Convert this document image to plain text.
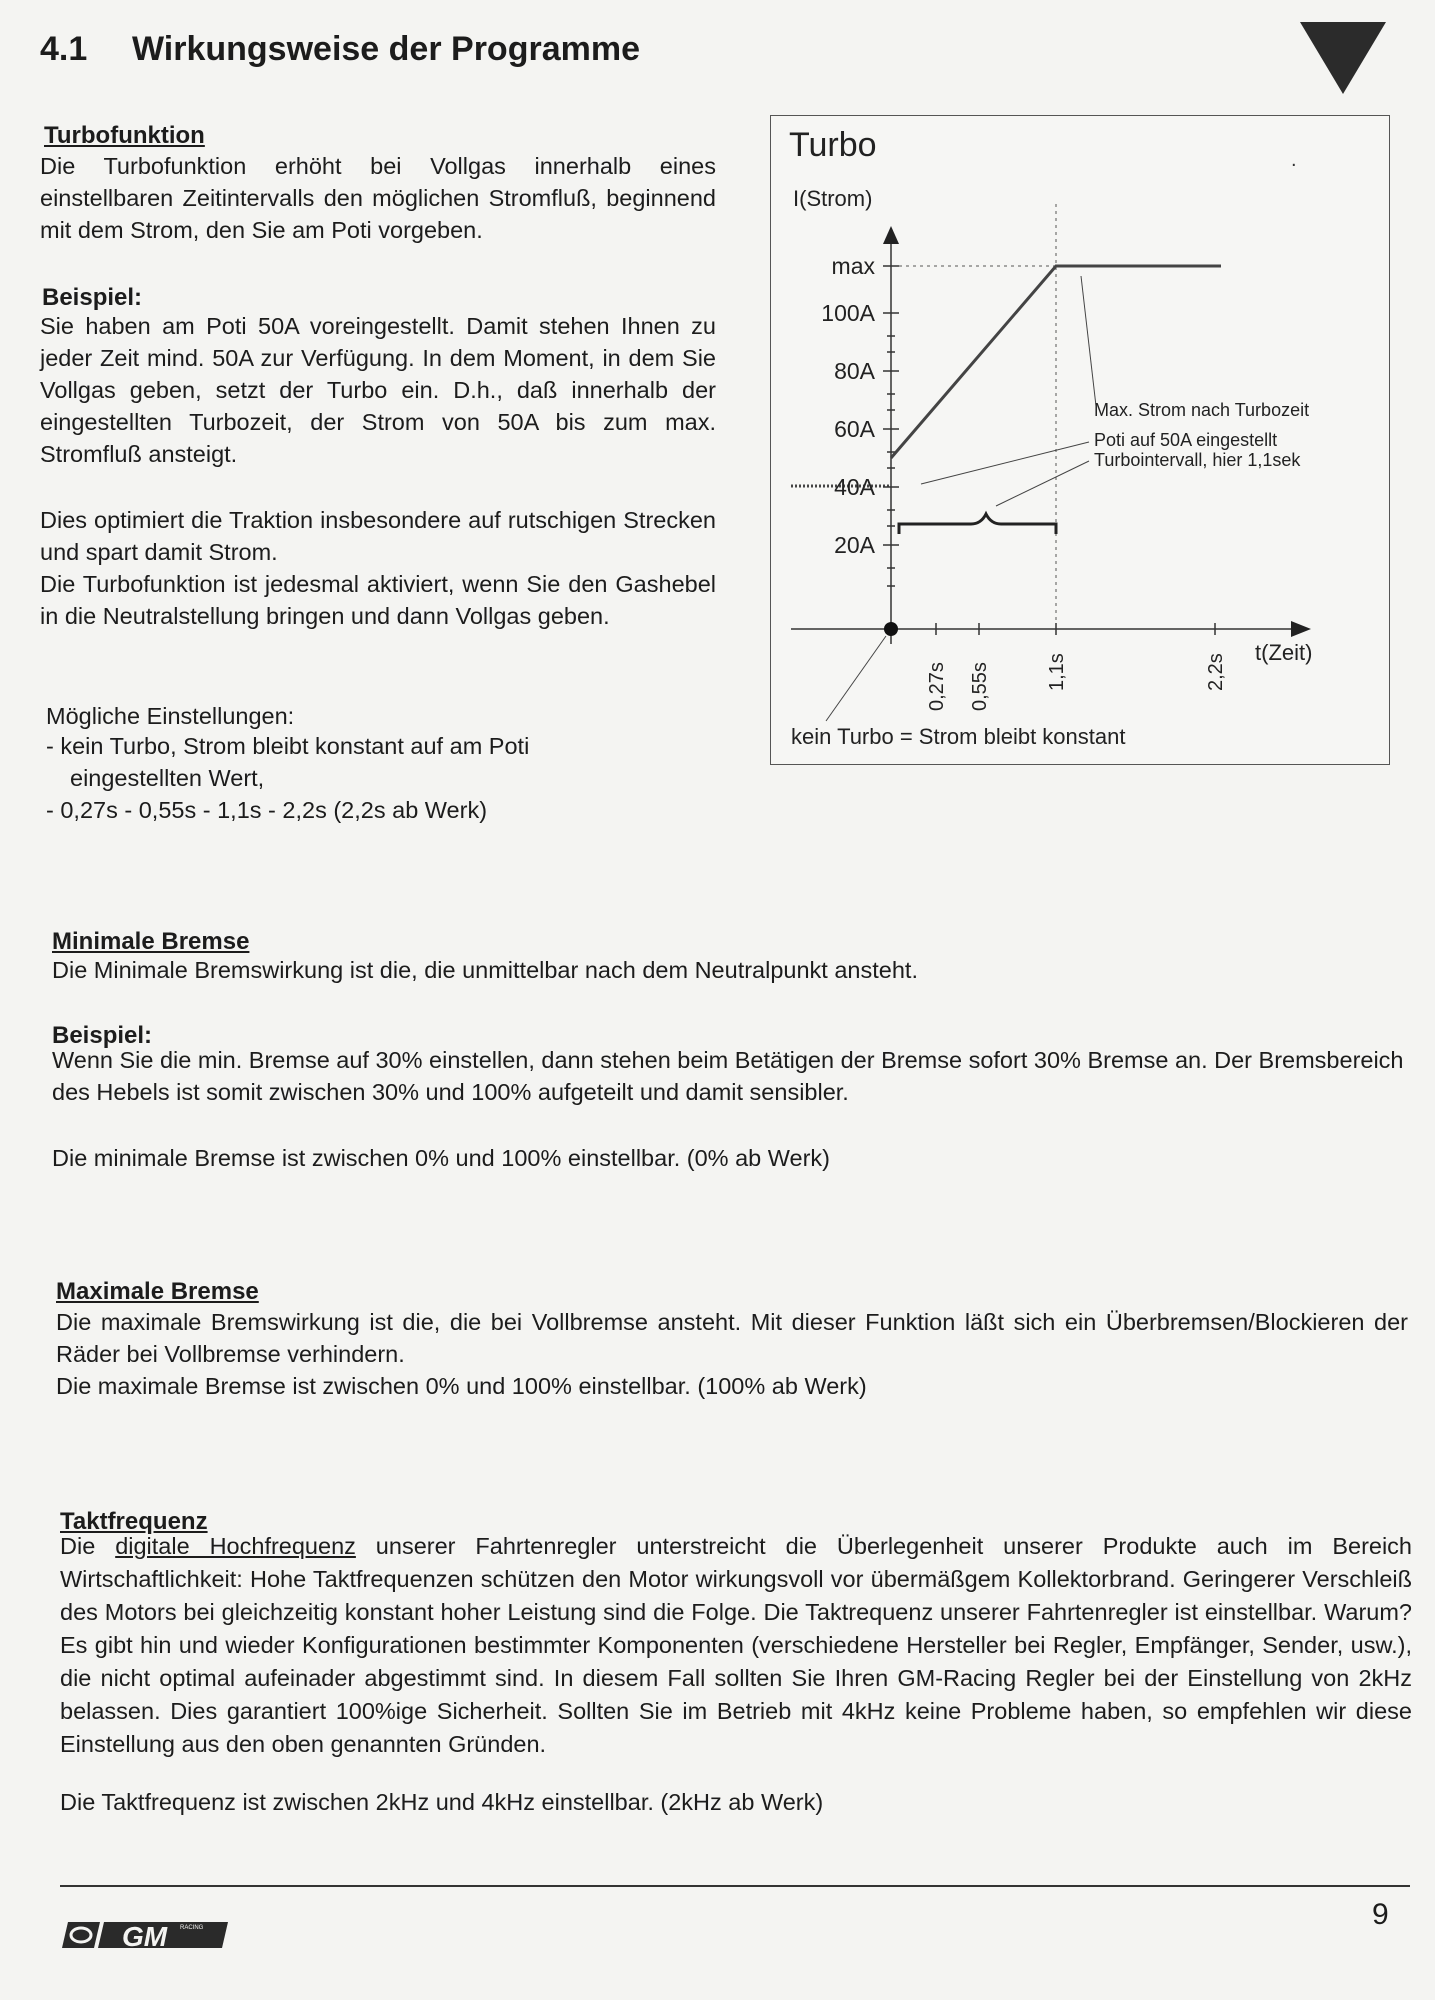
4.1 Wirkungsweise der Programme
Turbofunktion
Die Turbofunktion erhöht bei Vollgas innerhalb eines einstellbaren Zeitintervalls den möglichen Stromfluß, beginnend mit dem Strom, den Sie am Poti vorgeben.
Beispiel:
Sie haben am Poti 50A voreingestellt. Damit stehen Ihnen zu jeder Zeit mind. 50A zur Verfügung. In dem Moment, in dem Sie Vollgas geben, setzt der Turbo ein. D.h., daß innerhalb der eingestellten Turbozeit, der Strom von 50A bis zum max. Stromfluß ansteigt.
Dies optimiert die Traktion insbesondere auf rutschigen Strecken und spart damit Strom.
Die Turbofunktion ist jedesmal aktiviert, wenn Sie den Gashebel in die Neutralstellung bringen und dann Vollgas geben.
Mögliche Einstellungen:
- kein Turbo, Strom bleibt konstant auf am Poti
eingestellten Wert,
- 0,27s - 0,55s - 1,1s - 2,2s (2,2s ab Werk)
Turbo
I(Strom)
.
max
100A
80A
60A
40A
20A
0,27s 0,55s	1,1s	2,2s
t(Zeit)
Max. Strom nach Turbozeit
Poti auf 50A eingestellt
Turbointervall, hier 1,1sek
kein Turbo = Strom bleibt konstant
Minimale Bremse
Die Minimale Bremswirkung ist die, die unmittelbar nach dem Neutralpunkt ansteht.
Beispiel:
Wenn Sie die min. Bremse auf 30% einstellen, dann stehen beim Betätigen der Bremse sofort 30% Bremse an. Der Bremsbereich des Hebels ist somit zwischen 30% und 100% aufgeteilt und damit sensibler.
Die minimale Bremse ist zwischen 0% und 100% einstellbar. (0% ab Werk)
Maximale Bremse
Die maximale Bremswirkung ist die, die bei Vollbremse ansteht. Mit dieser Funktion läßt sich ein Überbremsen/Blockieren der Räder bei Vollbremse verhindern.
Die maximale Bremse ist zwischen 0% und 100% einstellbar. (100% ab Werk)
Taktfrequenz
Die digitale Hochfrequenz unserer Fahrtenregler unterstreicht die Überlegenheit unserer Produkte auch im Bereich Wirtschaftlichkeit: Hohe Taktfrequenzen schützen den Motor wirkungsvoll vor übermäßgem Kollektorbrand. Geringerer Verschleiß des Motors bei gleichzeitig konstant hoher Leistung sind die Folge. Die Taktrequenz unserer Fahrtenregler ist einstellbar. Warum? Es gibt hin und wieder Konfigurationen bestimmter Komponenten (verschiedene Hersteller bei Regler, Empfänger, Sender, usw.), die nicht optimal aufeinader abgestimmt sind. In diesem Fall sollten Sie Ihren GM-Racing Regler bei der Einstellung von 2kHz belassen. Dies garantiert 100%ige Sicherheit. Sollten Sie im Betrieb mit 4kHz keine Probleme haben, so empfehlen wir diese Einstellung aus den oben genannten Gründen.
Die Taktfrequenz ist zwischen 2kHz und 4kHz einstellbar. (2kHz ab Werk)
9
GM RACING
